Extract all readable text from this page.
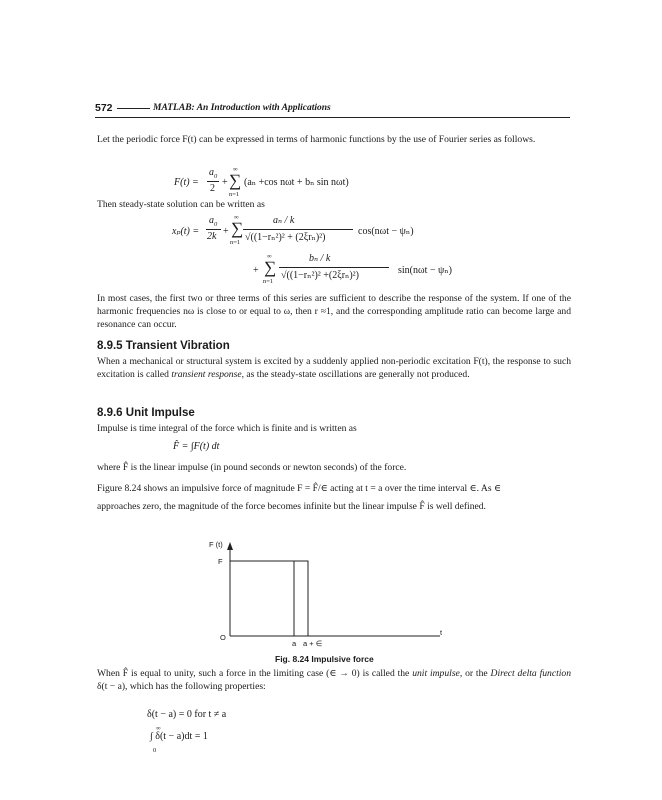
572	MATLAB: An Introduction with Applications
Let the periodic force F(t) can be expressed in terms of harmonic functions by the use of Fourier series as follows.
F(t) =
$a_0$
2
+
∞
∑
n=1
(aₙ +cos nωt + bₙ sin nωt)
Then steady-state solution can be written as
xₚ(t) =
$a_0$
2k +
∞
∑
n=1
aₙ / k
√((1−rₙ²)² + (2ξrₙ)²)
cos(nωt − ψₙ)
+
∞
∑
n=1
bₙ / k
√((1−rₙ²)² +(2ξrₙ)²)	sin(nωt − ψₙ)
In most cases, the first two or three terms of this series are sufficient to describe the response of the system. If one of the harmonic frequencies nω is close to or equal to ω, then r ≈1, and the corresponding amplitude ratio can become large and resonance can occur.
8.9.5 Transient Vibration
When a mechanical or structural system is excited by a suddenly applied non-periodic excitation F(t), the response to such excitation is called transient response, as the steady-state oscillations are generally not produced.
8.9.6 Unit Impulse
Impulse is time integral of the force which is finite and is written as
F̂ = ∫F(t) dt
where F̂ is the linear impulse (in pound seconds or newton seconds) of the force.
Figure 8.24 shows an impulsive force of magnitude F = F̂/∈ acting at t = a over the time interval ∈. As ∈
approaches zero, the magnitude of the force becomes infinite but the linear impulse F̂ is well defined.
F (t)
F
O
t
a a + ∈
Fig. 8.24 Impulsive force
When F̂ is equal to unity, such a force in the limiting case (∈ → 0) is called the unit impulse, or the Direct delta function δ(t − a), which has the following properties:
δ(t − a) = 0 for t ≠ a
∞
∫ δ(t − a)dt = 1
0
